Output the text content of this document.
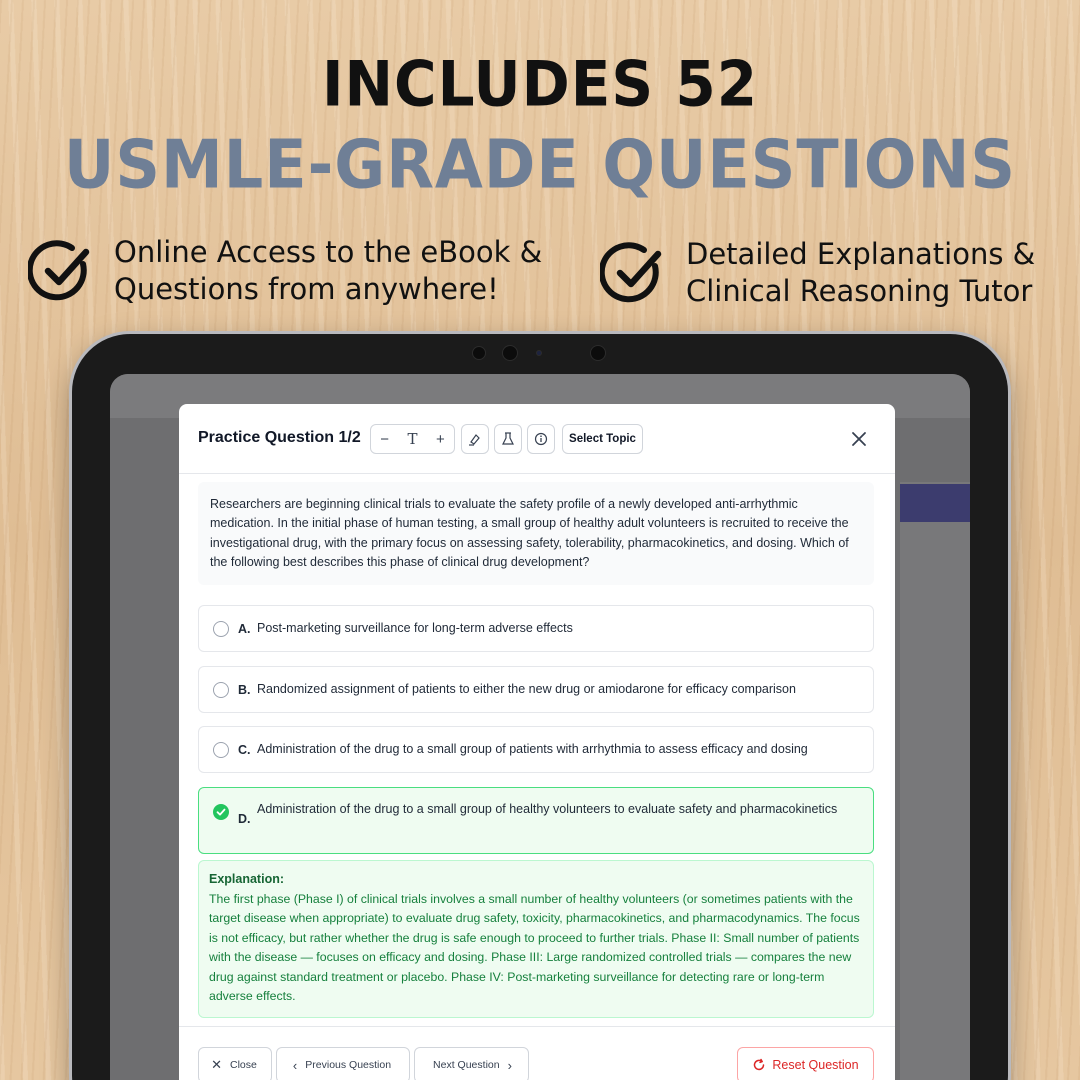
INCLUDES 52
USMLE-GRADE QUESTIONS
Online Access to the eBook &
Questions from anywhere!
Detailed Explanations &
Clinical Reasoning Tutor
Practice Question 1/2 − T +	Select Topic
Researchers are beginning clinical trials to evaluate the safety profile of a newly developed anti-arrhythmic medication. In the initial phase of human testing, a small group of healthy adult volunteers is recruited to receive the investigational drug, with the primary focus on assessing safety, tolerability, pharmacokinetics, and dosing. Which of the following best describes this phase of clinical drug development?
A. Post-marketing surveillance for long-term adverse effects
B. Randomized assignment of patients to either the new drug or amiodarone for efficacy comparison
C. Administration of the drug to a small group of patients with arrhythmia to assess efficacy and dosing
D.
Administration of the drug to a small group of healthy volunteers to evaluate safety and pharmacokinetics
Explanation:
The first phase (Phase I) of clinical trials involves a small number of healthy volunteers (or sometimes patients with the target disease when appropriate) to evaluate drug safety, toxicity, pharmacokinetics, and pharmacodynamics. The focus is not efficacy, but rather whether the drug is safe enough to proceed to further trials. Phase II: Small number of patients with the disease — focuses on efficacy and dosing. Phase III: Large randomized controlled trials — compares the new drug against standard treatment or placebo. Phase IV: Post-marketing surveillance for detecting rare or long-term adverse effects.
✕ Close	‹ Previous Question	Next Question ›	Reset Question
